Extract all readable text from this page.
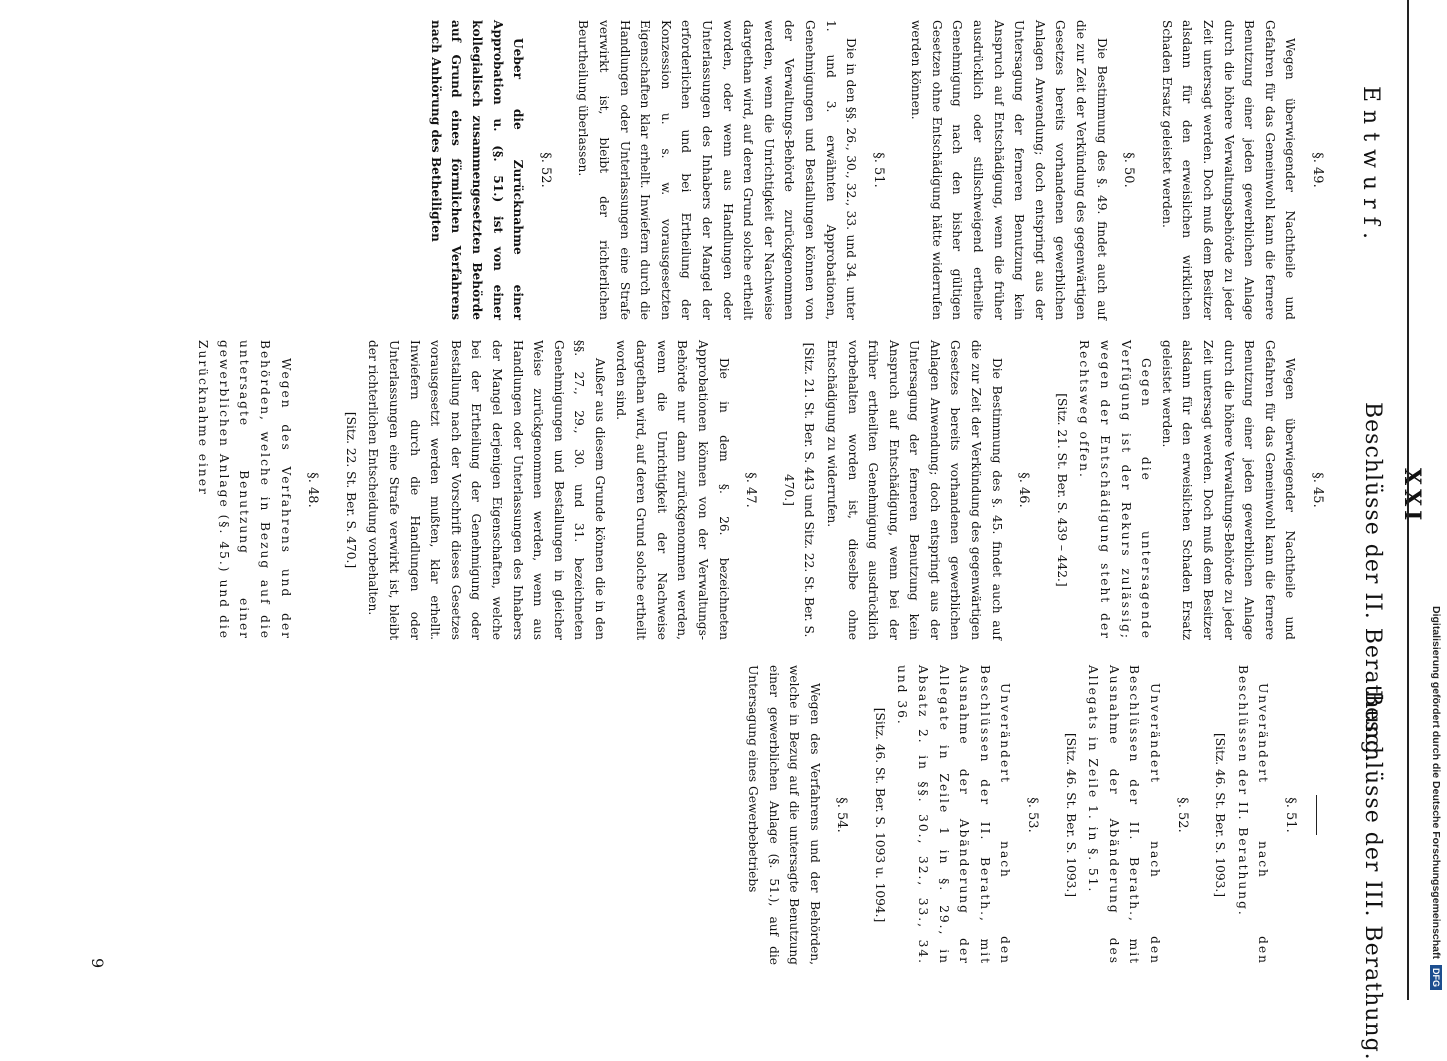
Entwurf.
XXI
Beschlüsse der II. Berathung.
Beschlüsse der III. Berathung.
§. 49.
Wegen überwiegender Nachtheile und Gefahren für das Gemeinwohl kann die fernere Benutzung einer jeden gewerblichen Anlage durch die höhere Verwaltungsbehörde zu jeder Zeit untersagt werden. Doch muß dem Besitzer alsdann für den erweislichen wirklichen Schaden Ersatz geleistet werden.
§. 50.
Die Bestimmung des §. 49. findet auch auf die zur Zeit der Verkündung des gegenwärtigen Gesetzes bereits vorhandenen gewerblichen Anlagen Anwendung; doch entspringt aus der Untersagung der ferneren Benutzung kein Anspruch auf Entschädigung, wenn die früher ausdrücklich oder stillschweigend ertheilte Genehmigung nach den bisher gültigen Gesetzen ohne Entschädigung hätte widerrufen werden können.
§. 51.
Die in den §§. 26., 30., 32., 33. und 34. unter 1. und 3. erwähnten Approbationen, Genehmigungen und Bestallungen können von der Verwaltungs-Behörde zurückgenommen werden, wenn die Unrichtigkeit der Nachweise dargethan wird, auf deren Grund solche ertheilt worden, oder wenn aus Handlungen oder Unterlassungen des Inhabers der Mangel der erforderlichen und bei Ertheilung der Konzession u. s. w. vorausgesetzten Eigenschaften klar erhellt. Inwiefern durch die Handlungen oder Unterlassungen eine Strafe verwirkt ist, bleibt der richterlichen Beurtheilung überlassen.
§. 52.
Ueber die Zurücknahme einer Approbation u. (§. 51.) ist von einer kollegialisch zusammengesetzten Behörde auf Grund eines förmlichen Verfahrens nach Anhörung des Betheiligten
§. 45.
Wegen überwiegender Nachtheile und Gefahren für das Gemeinwohl kann die fernere Benutzung einer jeden gewerblichen Anlage durch die höhere Verwaltungs-Behörde zu jeder Zeit untersagt werden. Doch muß dem Besitzer alsdann für den erweislichen Schaden Ersatz geleistet werden.
Gegen die untersagende Verfügung ist der Rekurs zulässig; wegen der Entschädigung steht der Rechtsweg offen.
[Sitz. 21. St. Ber. S. 439 – 442.]
§. 46.
Die Bestimmung des §. 45. findet auch auf die zur Zeit der Verkündung des gegenwärtigen Gesetzes bereits vorhandenen gewerblichen Anlagen Anwendung; doch entspringt aus der Untersagung der ferneren Benutzung kein Anspruch auf Entschädigung, wenn bei der früher ertheilten Genehmigung ausdrücklich vorbehalten worden ist, dieselbe ohne Entschädigung zu widerrufen.
[Sitz. 21. St. Ber. S. 443 und Sitz. 22. St. Ber. S. 470.]
§. 47.
Die in dem §. 26. bezeichneten Approbationen können von der Verwaltungs-Behörde nur dann zurückgenommen werden, wenn die Unrichtigkeit der Nachweise dargethan wird, auf deren Grund solche ertheilt worden sind.
Außer aus diesem Grunde können die in den §§. 27., 29., 30. und 31. bezeichneten Genehmigungen und Bestallungen in gleicher Weise zurückgenommen werden, wenn aus Handlungen oder Unterlassungen des Inhabers der Mangel derjenigen Eigenschaften, welche bei der Ertheilung der Genehmigung oder Bestallung nach der Vorschrift dieses Gesetzes vorausgesetzt werden mußten, klar erhellt. Inwiefern durch die Handlungen oder Unterlassungen eine Strafe verwirkt ist, bleibt der richterlichen Entscheidung vorbehalten.
[Sitz. 22. St. Ber. S. 470.]
§. 48.
Wegen des Verfahrens und der Behörden, welche in Bezug auf die untersagte Benutzung einer gewerblichen Anlage (§. 45.) und die Zurücknahme einer
§. 51.
Unverändert nach den Beschlüssen der II. Berathung.
[Sitz. 46. St. Ber. S. 1093.]
§. 52.
Unverändert nach den Beschlüssen der II. Berath., mit Ausnahme der Abänderung des Allegats in Zeile 1. in §. 51.
[Sitz. 46. St. Ber. S. 1093.]
§. 53.
Unverändert nach den Beschlüssen der II. Berath., mit Ausnahme der Abänderung der Allegate in Zeile 1 in §. 29., in Absatz 2. in §§. 30., 32., 33., 34. und 36.
[Sitz. 46. St. Ber. S. 1093 u. 1094.]
§. 54.
Wegen des Verfahrens und der Behörden, welche in Bezug auf die untersagte Benutzung einer gewerblichen Anlage (§. 51.), auf die Untersagung eines Gewerbebetriebs
9
Digitalisierung gefördert durch die Deutsche Forschungsgemeinschaft
DFG
